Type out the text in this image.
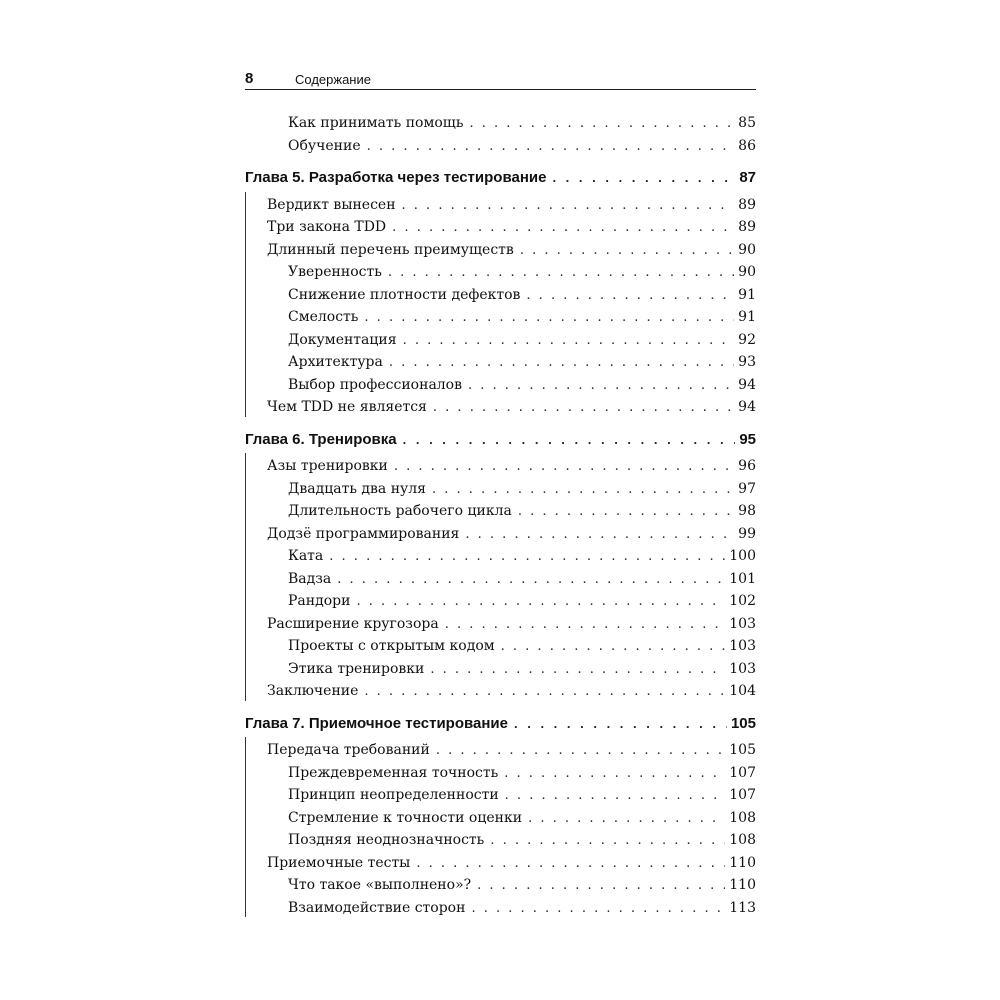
8	Содержание
Как принимать помощь . . .	85
Обучение . . .	86
Глава 5. Разработка через тестирование . . .	87
Вердикт вынесен . . .	89
Три закона TDD . . .	89
Длинный перечень преимуществ . . .	90
Уверенность . . .	90
Снижение плотности дефектов . . .	91
Смелость . . .	91
Документация . . .	92
Архитектура . . .	93
Выбор профессионалов . . .	94
Чем TDD не является . . .	94
Глава 6. Тренировка . . .	95
Азы тренировки . . .	96
Двадцать два нуля . . .	97
Длительность рабочего цикла . . .	98
Додзё программирования . . .	99
Ката . . .	100
Вадза . . .	101
Рандори . . .	102
Расширение кругозора . . .	103
Проекты с открытым кодом . . .	103
Этика тренировки . . .	103
Заключение . . .	104
Глава 7. Приемочное тестирование . . .	105
Передача требований . . .	105
Преждевременная точность . . .	107
Принцип неопределенности . . .	107
Стремление к точности оценки . . .	108
Поздняя неоднозначность . . .	108
Приемочные тесты . . .	110
Что такое «выполнено»? . . .	110
Взаимодействие сторон . . .	113
